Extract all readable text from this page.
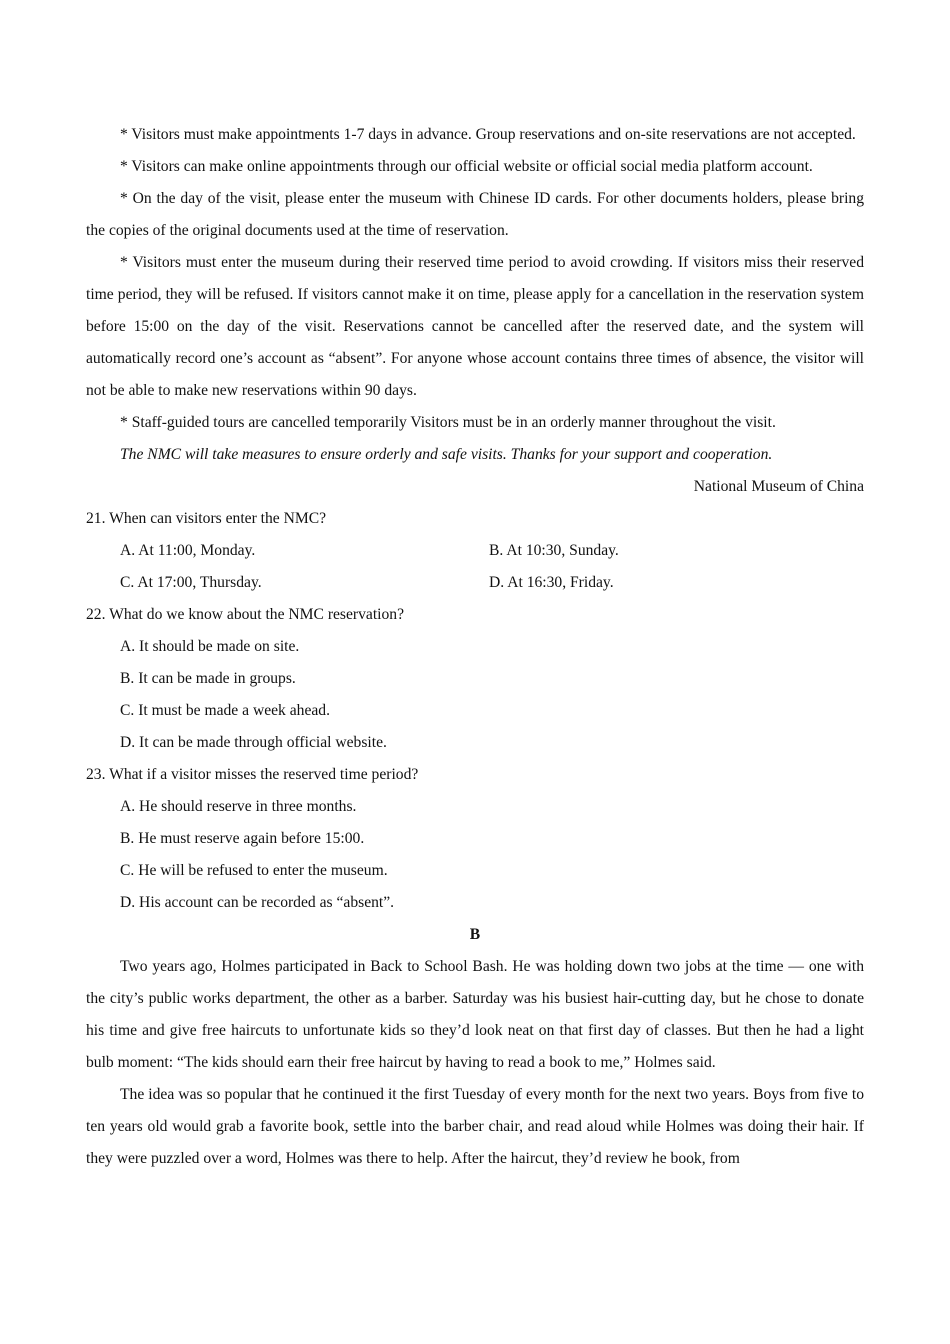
* Visitors must make appointments 1-7 days in advance. Group reservations and on-site reservations are not accepted.

* Visitors can make online appointments through our official website or official social media platform account.

* On the day of the visit, please enter the museum with Chinese ID cards. For other documents holders, please bring the copies of the original documents used at the time of reservation.

* Visitors must enter the museum during their reserved time period to avoid crowding. If visitors miss their reserved time period, they will be refused. If visitors cannot make it on time, please apply for a cancellation in the reservation system before 15:00 on the day of the visit. Reservations cannot be cancelled after the reserved date, and the system will automatically record one’s account as “absent”. For anyone whose account contains three times of absence, the visitor will not be able to make new reservations within 90 days.

* Staff-guided tours are cancelled temporarily Visitors must be in an orderly manner throughout the visit.

The NMC will take measures to ensure orderly and safe visits. Thanks for your support and cooperation.

National Museum of China

21. When can visitors enter the NMC?

A. At 11:00, Monday.	B. At 10:30, Sunday.
C. At 17:00, Thursday.	D. At 16:30, Friday.

22. What do we know about the NMC reservation?

A. It should be made on site.

B. It can be made in groups.

C. It must be made a week ahead.

D. It can be made through official website.

23. What if a visitor misses the reserved time period?

A. He should reserve in three months.

B. He must reserve again before 15:00.

C. He will be refused to enter the museum.

D. His account can be recorded as “absent”.

B

Two years ago, Holmes participated in Back to School Bash. He was holding down two jobs at the time — one with the city’s public works department, the other as a barber. Saturday was his busiest hair-cutting day, but he chose to donate his time and give free haircuts to unfortunate kids so they’d look neat on that first day of classes. But then he had a light bulb moment: “The kids should earn their free haircut by having to read a book to me,” Holmes said.

The idea was so popular that he continued it the first Tuesday of every month for the next two years. Boys from five to ten years old would grab a favorite book, settle into the barber chair, and read aloud while Holmes was doing their hair. If they were puzzled over a word, Holmes was there to help. After the haircut, they’d review he book, from
